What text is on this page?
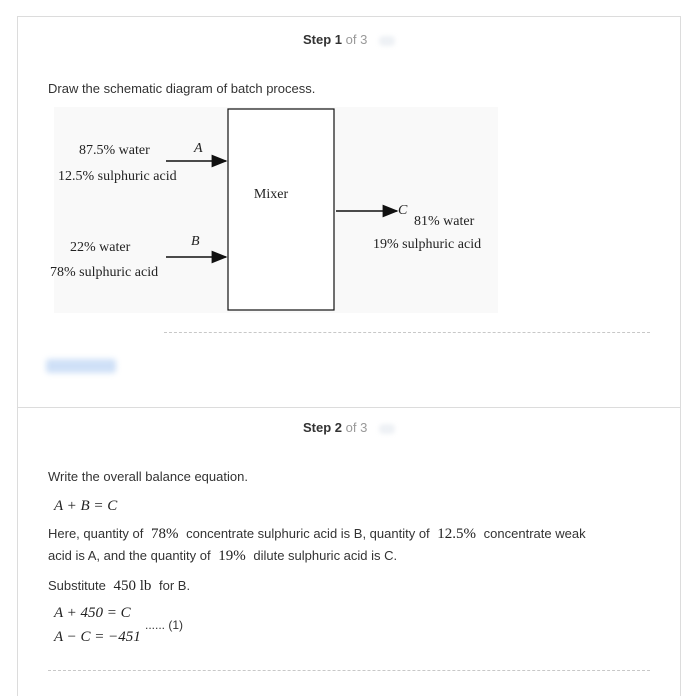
Step 1 of 3
Draw the schematic diagram of batch process.
Mixer
A
87.5% water
12.5% sulphuric acid
B
22% water
78% sulphuric acid
C
81% water
19% sulphuric acid
Step 2 of 3
Write the overall balance equation.
A + B = C
Here, quantity of 78% concentrate sulphuric acid is B, quantity of 12.5% concentrate weak
acid is A, and the quantity of 19% dilute sulphuric acid is C.
Substitute 450 lb for B.
A + 450 = C
A − C = −451
...... (1)
